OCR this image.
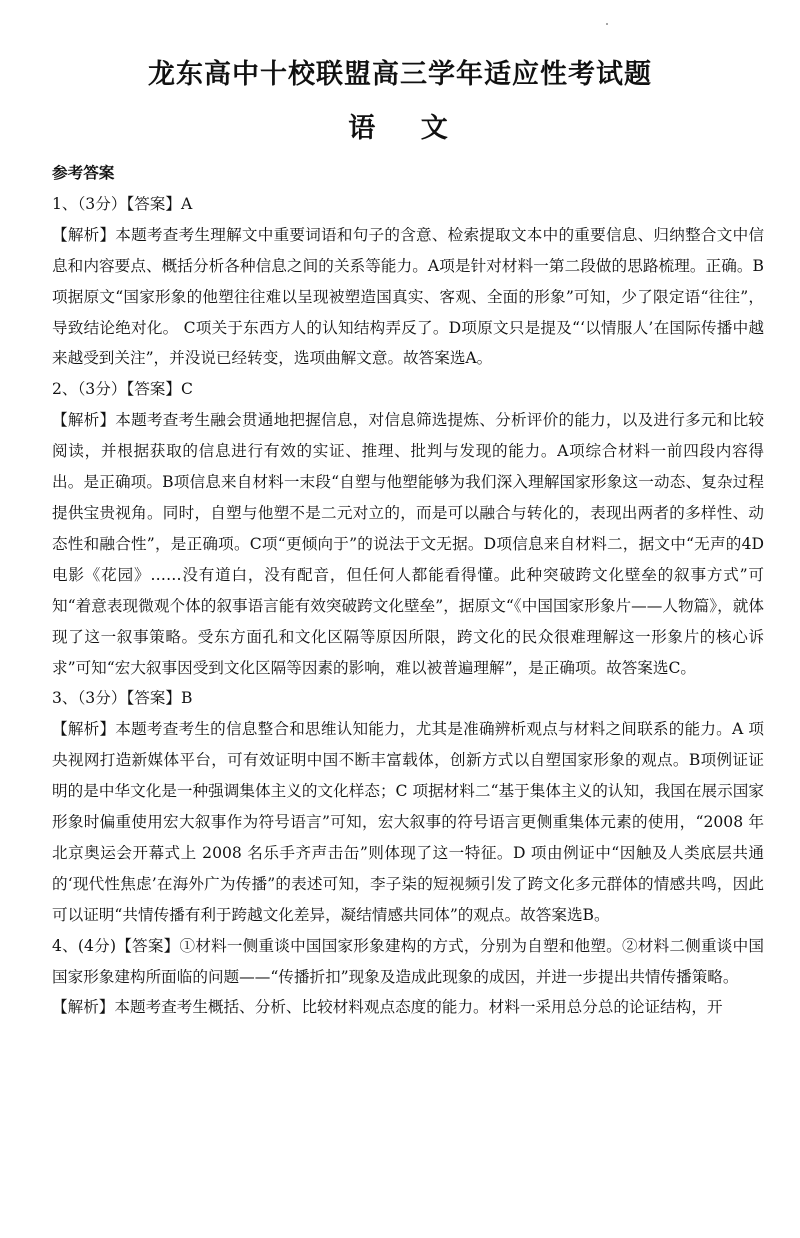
龙东高中十校联盟高三学年适应性考试题
语 文

参考答案

1、（3分）【答案】A

【解析】本题考查考生理解文中重要词语和句子的含意、检索提取文本中的重要信息、归纳整合文中信息和内容要点、概括分析各种信息之间的关系等能力。A项是针对材料一第二段做的思路梳理。正确。B项据原文“国家形象的他塑往往难以呈现被塑造国真实、客观、全面的形象”可知，少了限定语“往往”，导致结论绝对化。 C项关于东西方人的认知结构弄反了。D项原文只是提及“‘以情服人’在国际传播中越来越受到关注”，并没说已经转变，选项曲解文意。故答案选A。

2、（3分）【答案】C

【解析】本题考查考生融会贯通地把握信息，对信息筛选提炼、分析评价的能力，以及进行多元和比较阅读，并根据获取的信息进行有效的实证、推理、批判与发现的能力。A项综合材料一前四段内容得出。是正确项。B项信息来自材料一末段“自塑与他塑能够为我们深入理解国家形象这一动态、复杂过程提供宝贵视角。同时，自塑与他塑不是二元对立的，而是可以融合与转化的，表现出两者的多样性、动态性和融合性”，是正确项。C项“更倾向于”的说法于文无据。D项信息来自材料二，据文中“无声的4D电影《花园》……没有道白，没有配音，但任何人都能看得懂。此种突破跨文化壁垒的叙事方式”可知“着意表现微观个体的叙事语言能有效突破跨文化壁垒”，据原文“《中国国家形象片——人物篇》，就体现了这一叙事策略。受东方面孔和文化区隔等原因所限，跨文化的民众很难理解这一形象片的核心诉求”可知“宏大叙事因受到文化区隔等因素的影响，难以被普遍理解”，是正确项。故答案选C。

3、（3分）【答案】B

【解析】本题考查考生的信息整合和思维认知能力，尤其是准确辨析观点与材料之间联系的能力。A 项央视网打造新媒体平台，可有效证明中国不断丰富载体，创新方式以自塑国家形象的观点。B项例证证明的是中华文化是一种强调集体主义的文化样态；C 项据材料二“基于集体主义的认知，我国在展示国家形象时偏重使用宏大叙事作为符号语言”可知，宏大叙事的符号语言更侧重集体元素的使用，“2008 年北京奥运会开幕式上 2008 名乐手齐声击缶”则体现了这一特征。D 项由例证中“因触及人类底层共通的‘现代性焦虑’在海外广为传播”的表述可知，李子柒的短视频引发了跨文化多元群体的情感共鸣，因此可以证明“共情传播有利于跨越文化差异，凝结情感共同体”的观点。故答案选B。

4、(4分)【答案】①材料一侧重谈中国国家形象建构的方式，分别为自塑和他塑。②材料二侧重谈中国国家形象建构所面临的问题——“传播折扣”现象及造成此现象的成因，并进一步提出共情传播策略。

【解析】本题考查考生概括、分析、比较材料观点态度的能力。材料一采用总分总的论证结构，开
